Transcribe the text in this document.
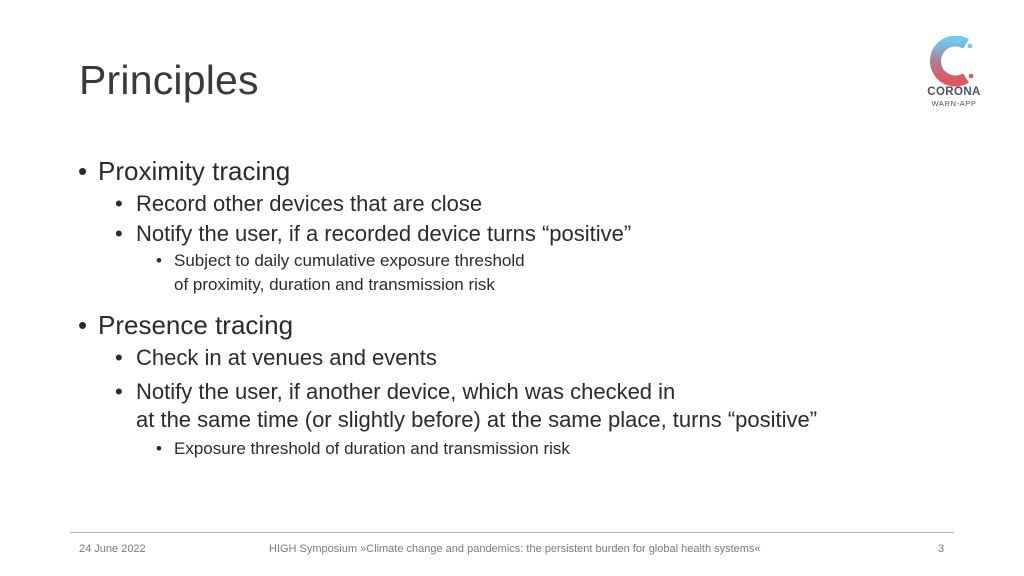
Principles	CORONA
WARN-APP
• Proximity tracing
• Record other devices that are close
• Notify the user, if a recorded device turns “positive”
• Subject to daily cumulative exposure threshold
of proximity, duration and transmission risk
• Presence tracing
• Check in at venues and events
• Notify the user, if another device, which was checked in
at the same time (or slightly before) at the same place, turns “positive”
• Exposure threshold of duration and transmission risk
24 June 2022	HIGH Symposium »Climate change and pandemics: the persistent burden for global health systems«	3
